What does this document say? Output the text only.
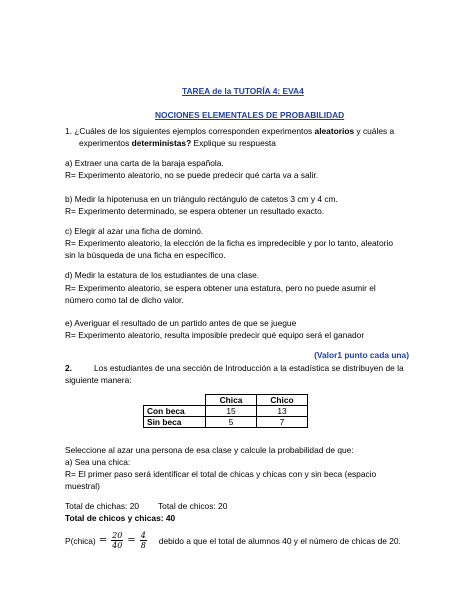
TAREA de la TUTORÍA 4: EVA4
NOCIONES ELEMENTALES DE PROBABILIDAD
1. ¿Cuáles de los siguientes ejemplos corresponden experimentos aleatorios y cuáles a
experimentos deterministas? Explique su respuesta
a) Extraer una carta de la baraja española.
R= Experimento aleatorio, no se puede predecir qué carta va a salir.
b) Medir la hipotenusa en un triángulo rectángulo de catetos 3 cm y 4 cm.
R= Experimento determinado, se espera obtener un resultado exacto.
c) Elegir al azar una ficha de dominó.
R= Experimento aleatorio, la elección de la ficha es impredecible y por lo tanto, aleatorio
sin la búsqueda de una ficha en específico.
d) Medir la estatura de los estudiantes de una clase.
R= Experimento aleatorio, se espera obtener una estatura, pero no puede asumir el
número como tal de dicho valor.
e) Averiguar el resultado de un partido antes de que se juegue
R= Experimento aleatorio, resulta imposible predecir qué equipo será el ganador
(Valor1 punto cada una)
2.	Los estudiantes de una sección de Introducción a la estadística se distribuyen de la
siguiente manera:
	Chica	Chico
Con beca	15	13
Sin beca	5	7
Seleccione al azar una persona de esa clase y calcule la probabilidad de que:
a) Sea una chica:
R= El primer paso será identificar el total de chicas y chicas con y sin beca (espacio
muestral)
Total de chichas: 20 Total de chicos: 20
Total de chicos y chicas: 40
P(chica) = $\frac{20}{40} = \frac{4}{8}$ debido a que el total de alumnos 40 y el número de chicas de 20.
